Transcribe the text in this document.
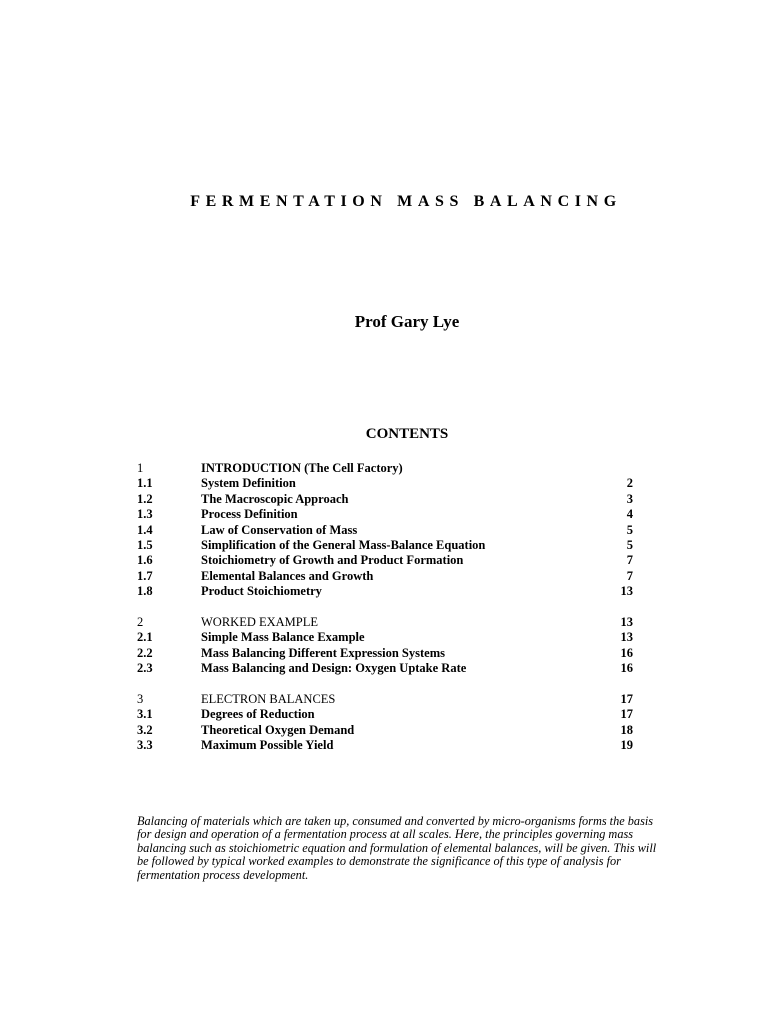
FERMENTATION MASS BALANCING
Prof Gary Lye
CONTENTS
1	INTRODUCTION (The Cell Factory)
1.1	System Definition	2
1.2	The Macroscopic Approach	3
1.3	Process Definition	4
1.4	Law of Conservation of Mass	5
1.5	Simplification of the General Mass-Balance Equation	5
1.6	Stoichiometry of Growth and Product Formation	7
1.7	Elemental Balances and Growth	7
1.8	Product Stoichiometry	13
2	WORKED EXAMPLE	13
2.1	Simple Mass Balance Example	13
2.2	Mass Balancing Different Expression Systems	16
2.3	Mass Balancing and Design: Oxygen Uptake Rate	16
3	ELECTRON BALANCES	17
3.1	Degrees of Reduction	17
3.2	Theoretical Oxygen Demand	18
3.3	Maximum Possible Yield	19
Balancing of materials which are taken up, consumed and converted by micro-organisms forms the basis
for design and operation of a fermentation process at all scales. Here, the principles governing mass
balancing such as stoichiometric equation and formulation of elemental balances, will be given. This will
be followed by typical worked examples to demonstrate the significance of this type of analysis for
fermentation process development.
